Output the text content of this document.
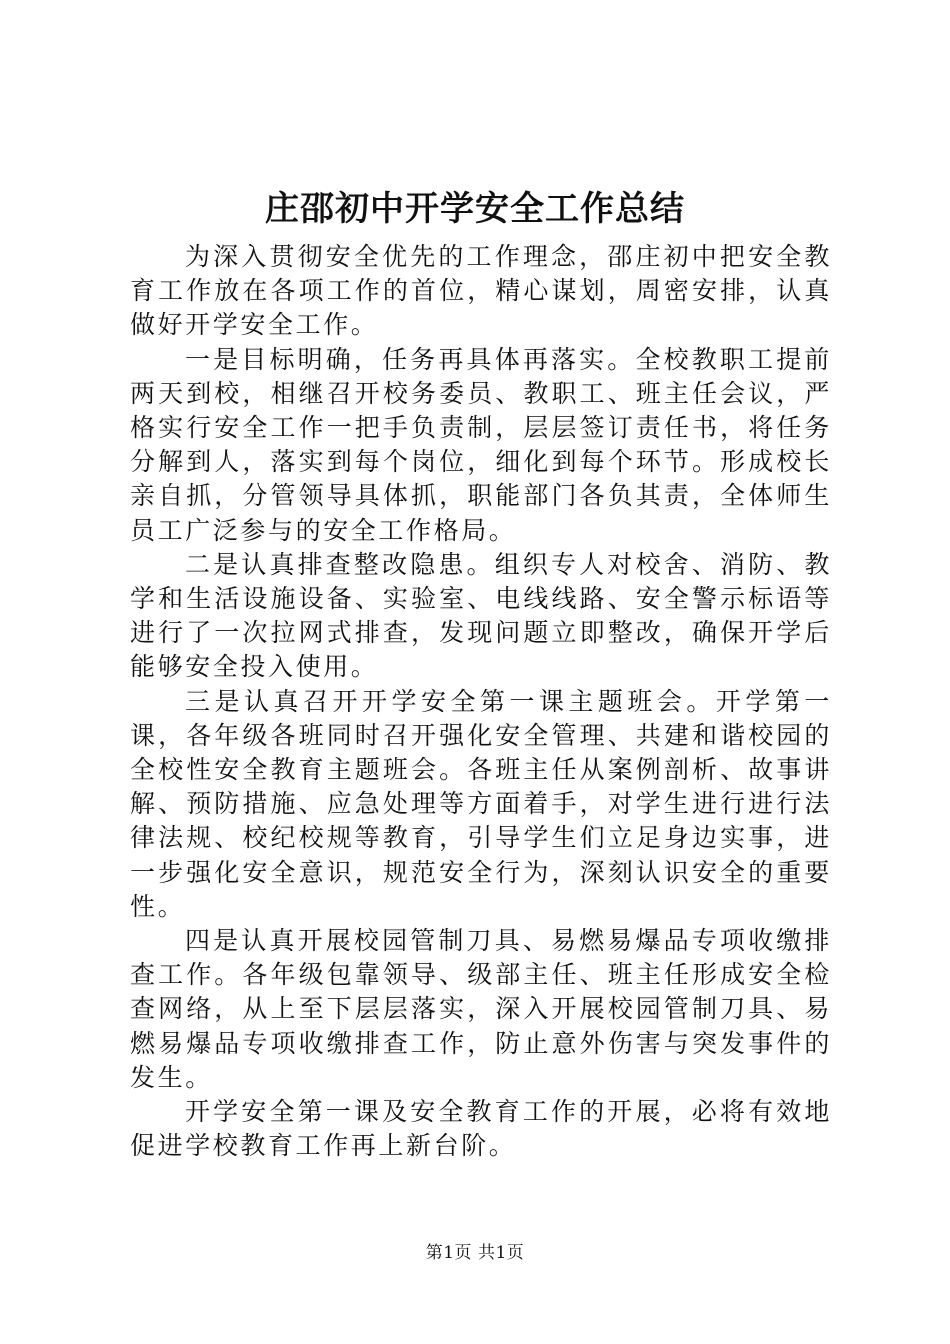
庄邵初中开学安全工作总结

为深入贯彻安全优先的工作理念，邵庄初中把安全教育工作放在各项工作的首位，精心谋划，周密安排，认真做好开学安全工作。

一是目标明确，任务再具体再落实。全校教职工提前两天到校，相继召开校务委员、教职工、班主任会议，严格实行安全工作一把手负责制，层层签订责任书，将任务分解到人，落实到每个岗位，细化到每个环节。形成校长亲自抓，分管领导具体抓，职能部门各负其责，全体师生员工广泛参与的安全工作格局。

二是认真排查整改隐患。组织专人对校舍、消防、教学和生活设施设备、实验室、电线线路、安全警示标语等进行了一次拉网式排查，发现问题立即整改，确保开学后能够安全投入使用。

三是认真召开开学安全第一课主题班会。开学第一课，各年级各班同时召开强化安全管理、共建和谐校园的全校性安全教育主题班会。各班主任从案例剖析、故事讲解、预防措施、应急处理等方面着手，对学生进行进行法律法规、校纪校规等教育，引导学生们立足身边实事，进一步强化安全意识，规范安全行为，深刻认识安全的重要性。

四是认真开展校园管制刀具、易燃易爆品专项收缴排查工作。各年级包靠领导、级部主任、班主任形成安全检查网络，从上至下层层落实，深入开展校园管制刀具、易燃易爆品专项收缴排查工作，防止意外伤害与突发事件的发生。

开学安全第一课及安全教育工作的开展，必将有效地促进学校教育工作再上新台阶。

第1页 共1页
